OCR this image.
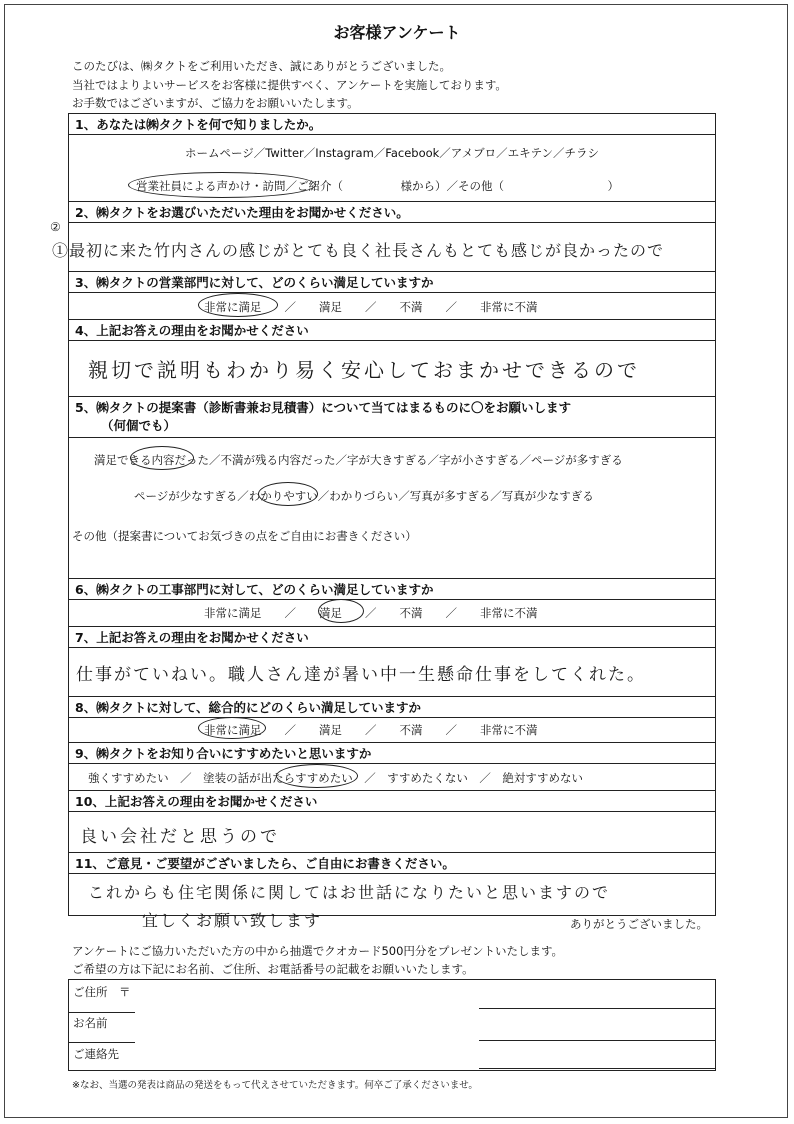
お客様アンケート
このたびは、㈱タクトをご利用いただき、誠にありがとうございました。
当社ではよりよいサービスをお客様に提供すべく、アンケートを実施しております。
お手数ではございますが、ご協力をお願いいたします。
1、あなたは㈱タクトを何で知りましたか。
ホームページ／Twitter／Instagram／Facebook／アメブロ／エキテン／チラシ
営業社員による声かけ・訪問／ご紹介（　　　　　様から）／その他（　　　　　　　　　）
2、㈱タクトをお選びいただいた理由をお聞かせください。
②
①最初に来た竹内さんの感じがとても良く社長さんもとても感じが良かったので
3、㈱タクトの営業部門に対して、どのくらい満足していますか
非常に満足　　／　　満足　　／　　不満　　／　　非常に不満
4、上記お答えの理由をお聞かせください
親切で説明もわかり易く安心しておまかせできるので
5、㈱タクトの提案書（診断書兼お見積書）について当てはまるものに〇をお願いします
（何個でも）
満足できる内容だった／不満が残る内容だった／字が大きすぎる／字が小さすぎる／ページが多すぎる
ページが少なすぎる／わかりやすい／わかりづらい／写真が多すぎる／写真が少なすぎる
その他（提案書についてお気づきの点をご自由にお書きください）
6、㈱タクトの工事部門に対して、どのくらい満足していますか
非常に満足　　／　　満足　　／　　不満　　／　　非常に不満
7、上記お答えの理由をお聞かせください
仕事がていねい。職人さん達が暑い中一生懸命仕事をしてくれた。
8、㈱タクトに対して、総合的にどのくらい満足していますか
非常に満足　　／　　満足　　／　　不満　　／　　非常に不満
9、㈱タクトをお知り合いにすすめたいと思いますか
強くすすめたい　／　塗装の話が出たらすすめたい　／　すすめたくない　／　絶対すすめない
10、上記お答えの理由をお聞かせください
良い会社だと思うので
11、ご意見・ご要望がございましたら、ご自由にお書きください。
これからも住宅関係に関してはお世話になりたいと思いますので
宜しくお願い致します	ありがとうございました。
アンケートにご協力いただいた方の中から抽選でクオカード500円分をプレゼントいたします。
ご希望の方は下記にお名前、ご住所、お電話番号の記載をお願いいたします。
ご住所　〒
お名前
ご連絡先
※なお、当選の発表は商品の発送をもって代えさせていただきます。何卒ご了承くださいませ。
